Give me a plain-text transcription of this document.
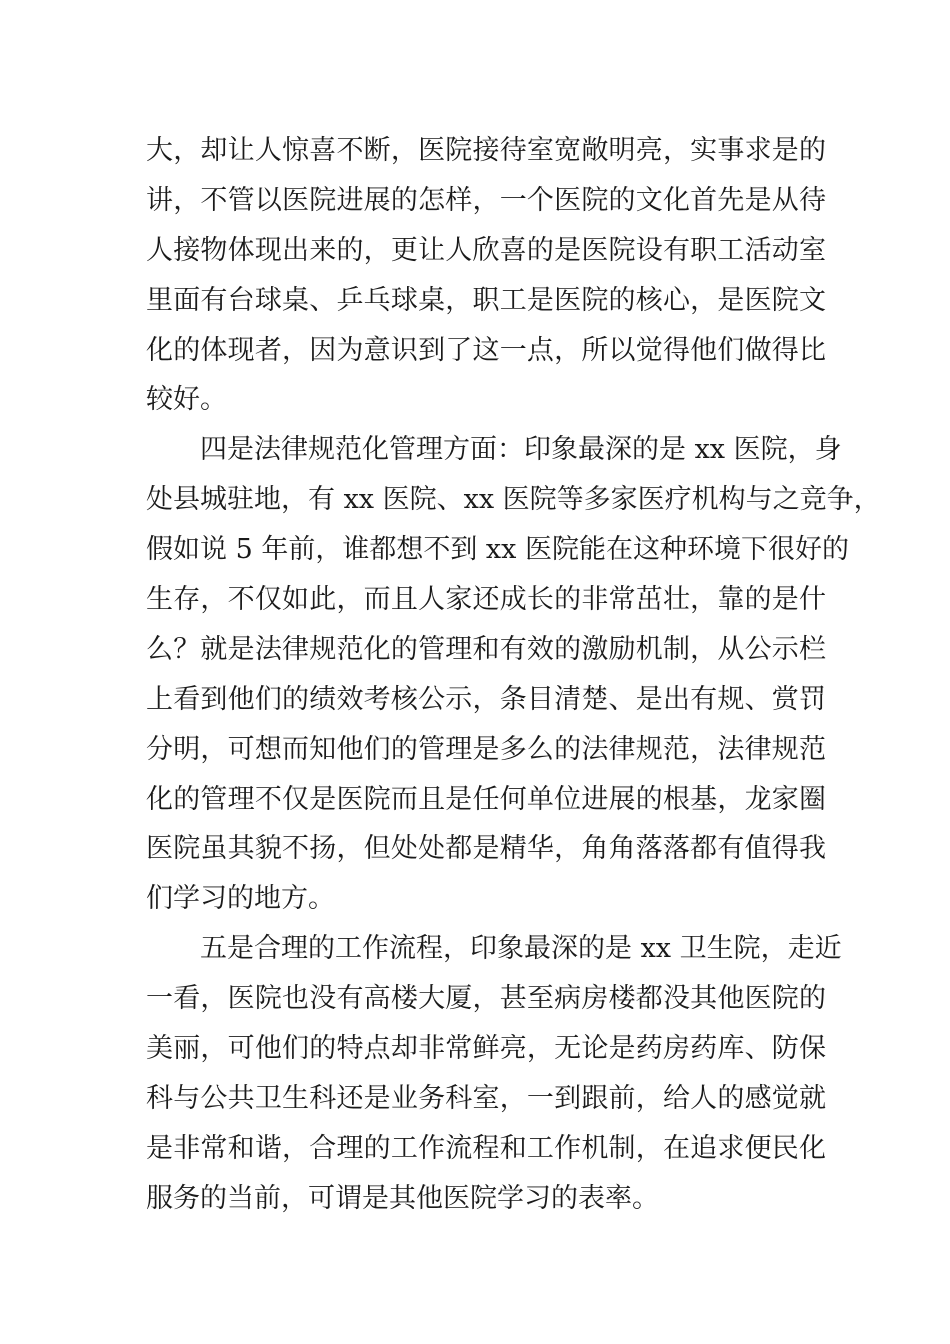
大，却让人惊喜不断，医院接待室宽敞明亮，实事求是的
讲，不管以医院进展的怎样，一个医院的文化首先是从待
人接物体现出来的，更让人欣喜的是医院设有职工活动室
里面有台球桌、乒乓球桌，职工是医院的核心，是医院文
化的体现者，因为意识到了这一点，所以觉得他们做得比
较好。
四是法律规范化管理方面：印象最深的是 xx 医院，身
处县城驻地，有 xx 医院、xx 医院等多家医疗机构与之竞争，
假如说 5 年前，谁都想不到 xx 医院能在这种环境下很好的
生存，不仅如此，而且人家还成长的非常茁壮，靠的是什
么？就是法律规范化的管理和有效的激励机制，从公示栏
上看到他们的绩效考核公示，条目清楚、是出有规、赏罚
分明，可想而知他们的管理是多么的法律规范，法律规范
化的管理不仅是医院而且是任何单位进展的根基，龙家圈
医院虽其貌不扬，但处处都是精华，角角落落都有值得我
们学习的地方。
五是合理的工作流程，印象最深的是 xx 卫生院，走近
一看，医院也没有高楼大厦，甚至病房楼都没其他医院的
美丽，可他们的特点却非常鲜亮，无论是药房药库、防保
科与公共卫生科还是业务科室，一到跟前，给人的感觉就
是非常和谐，合理的工作流程和工作机制，在追求便民化
服务的当前，可谓是其他医院学习的表率。
